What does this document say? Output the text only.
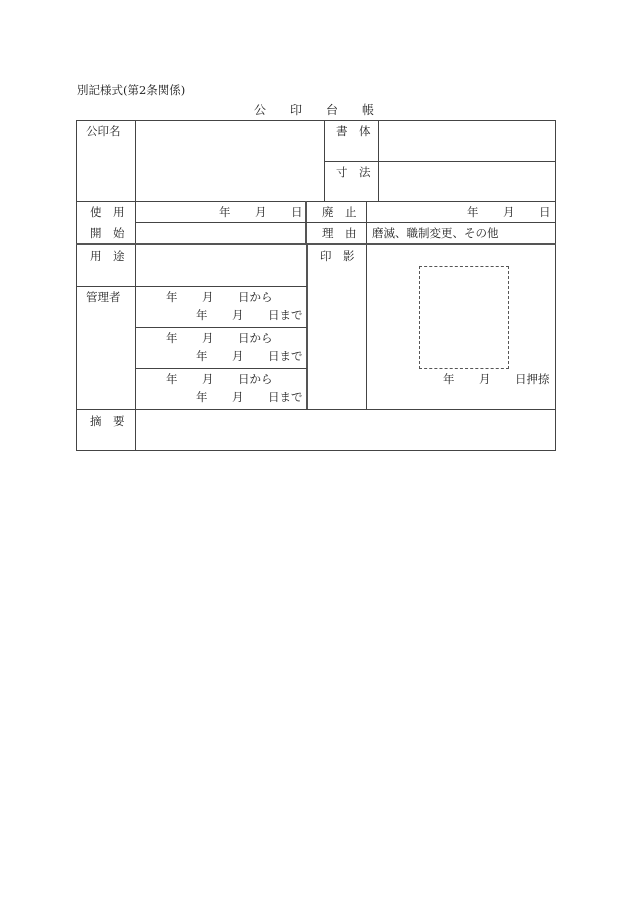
別記様式(第2条関係)
公　　印　　台　　帳
公印名	書　体
寸　法
使　用
開　始
年 月 日 廃　止
理　由
年 月 日
磨滅、職制変更、その他
用　途
管理者
印　影
年 月 日から
年 月 日まで
年 月 日から
年 月 日まで
年 月 日から
年 月 日まで
年 月 日押捺
摘　要
